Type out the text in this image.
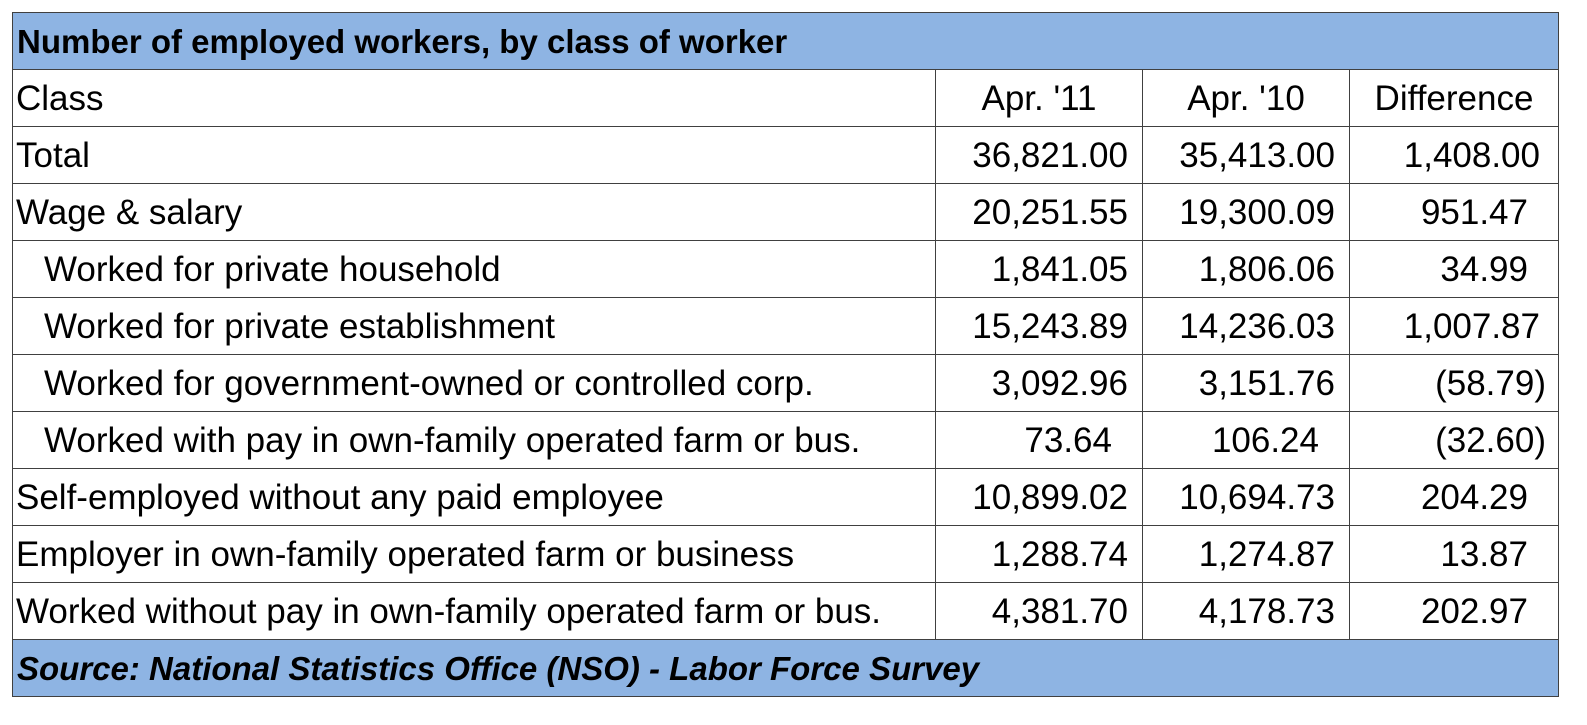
Number of employed workers, by class of worker			
Class	Apr. '11	Apr. '10	Difference
Total	36,821.00	35,413.00	1,408.00
Wage & salary	20,251.55	19,300.09	951.47
Worked for private household	1,841.05	1,806.06	34.99
Worked for private establishment	15,243.89	14,236.03	1,007.87
Worked for government-owned or controlled corp.	3,092.96	3,151.76	(58.79)
Worked with pay in own-family operated farm or bus.	73.64	106.24	(32.60)
Self-employed without any paid employee	10,899.02	10,694.73	204.29
Employer in own-family operated farm or business	1,288.74	1,274.87	13.87
Worked without pay in own-family operated farm or bus.	4,381.70	4,178.73	202.97
Source: National Statistics Office (NSO) - Labor Force Survey			
